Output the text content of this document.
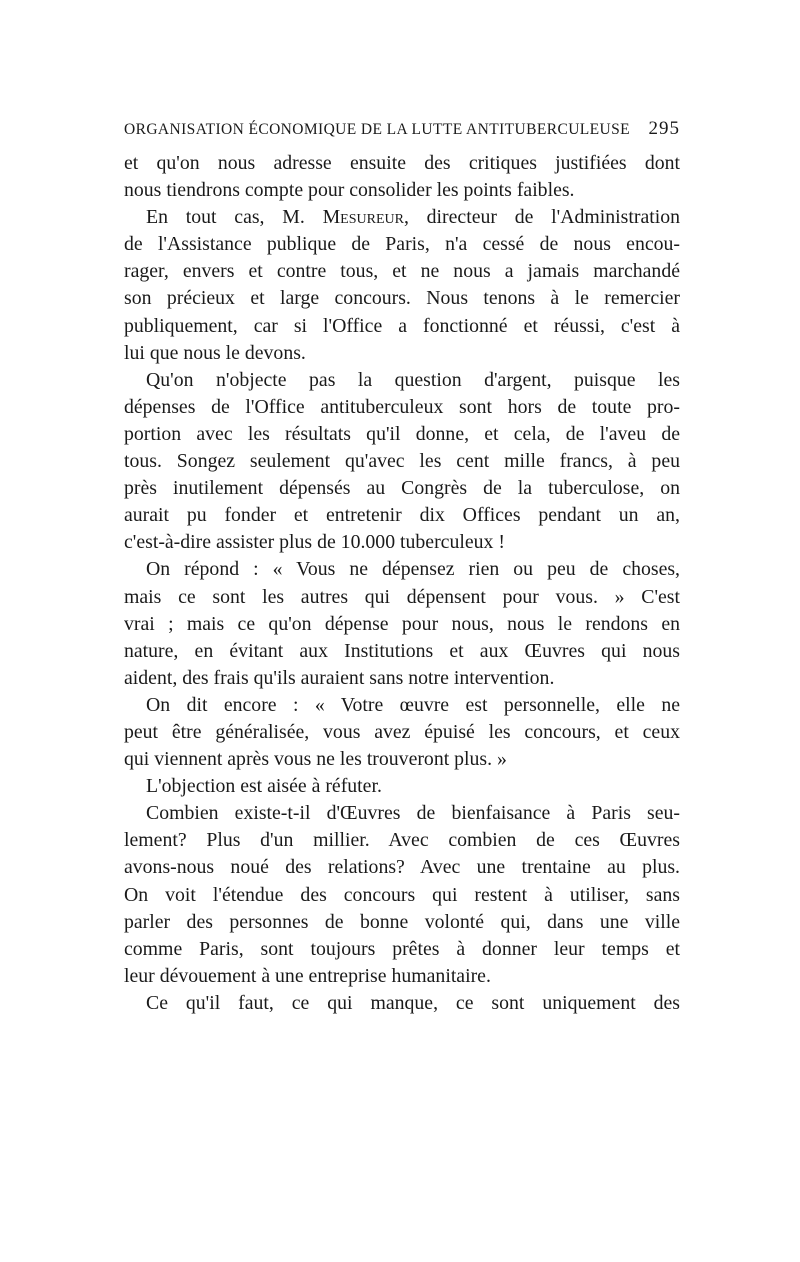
ORGANISATION ÉCONOMIQUE DE LA LUTTE ANTITUBERCULEUSE 295
et qu'on nous adresse ensuite des critiques justifiées dont
nous tiendrons compte pour consolider les points faibles.
En tout cas, M. Mesureur, directeur de l'Administration
de l'Assistance publique de Paris, n'a cessé de nous encou-
rager, envers et contre tous, et ne nous a jamais marchandé
son précieux et large concours. Nous tenons à le remercier
publiquement, car si l'Office a fonctionné et réussi, c'est à
lui que nous le devons.
Qu'on n'objecte pas la question d'argent, puisque les
dépenses de l'Office antituberculeux sont hors de toute pro-
portion avec les résultats qu'il donne, et cela, de l'aveu de
tous. Songez seulement qu'avec les cent mille francs, à peu
près inutilement dépensés au Congrès de la tuberculose, on
aurait pu fonder et entretenir dix Offices pendant un an,
c'est-à-dire assister plus de 10.000 tuberculeux !
On répond : « Vous ne dépensez rien ou peu de choses,
mais ce sont les autres qui dépensent pour vous. » C'est
vrai ; mais ce qu'on dépense pour nous, nous le rendons en
nature, en évitant aux Institutions et aux Œuvres qui nous
aident, des frais qu'ils auraient sans notre intervention.
On dit encore : « Votre œuvre est personnelle, elle ne
peut être généralisée, vous avez épuisé les concours, et ceux
qui viennent après vous ne les trouveront plus. »
L'objection est aisée à réfuter.
Combien existe-t-il d'Œuvres de bienfaisance à Paris seu-
lement? Plus d'un millier. Avec combien de ces Œuvres
avons-nous noué des relations? Avec une trentaine au plus.
On voit l'étendue des concours qui restent à utiliser, sans
parler des personnes de bonne volonté qui, dans une ville
comme Paris, sont toujours prêtes à donner leur temps et
leur dévouement à une entreprise humanitaire.
Ce qu'il faut, ce qui manque, ce sont uniquement des
